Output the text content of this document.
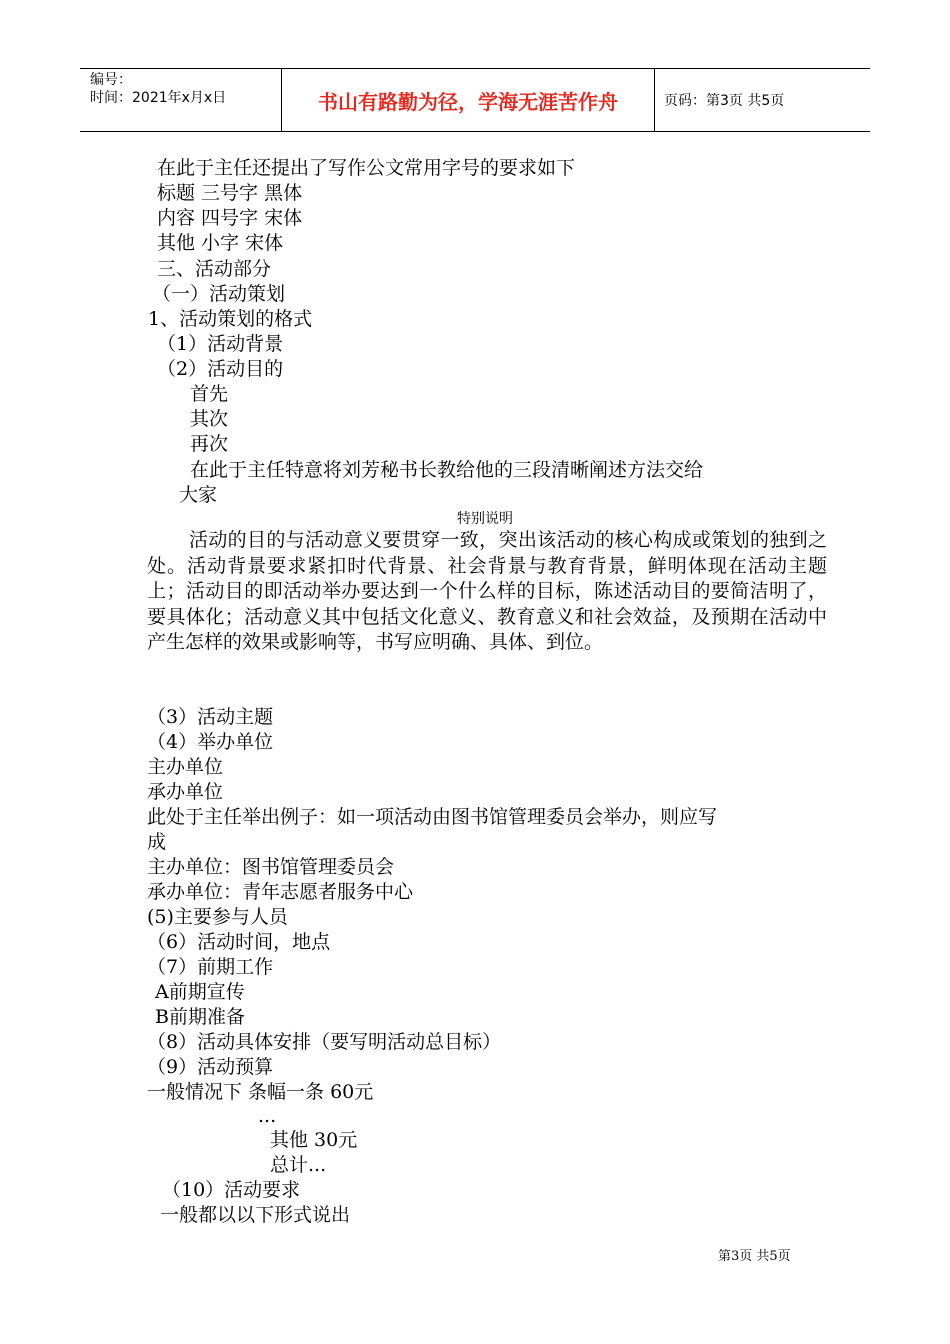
编号：
时间：2021年x月x日	书山有路勤为径，学海无涯苦作舟	页码：第3页 共5页
在此于主任还提出了写作公文常用字号的要求如下
标题 三号字 黑体
内容 四号字 宋体
其他 小字 宋体
三、活动部分
（一）活动策划
1、活动策划的格式
（1）活动背景
（2）活动目的
首先
其次
再次
在此于主任特意将刘芳秘书长教给他的三段清晰阐述方法交给
大家
特别说明
活动的目的与活动意义要贯穿一致，突出该活动的核心构成或策划的独到之处。活动背景要求紧扣时代背景、社会背景与教育背景，鲜明体现在活动主题上；活动目的即活动举办要达到一个什么样的目标，陈述活动目的要简洁明了，要具体化；活动意义其中包括文化意义、教育意义和社会效益，及预期在活动中产生怎样的效果或影响等，书写应明确、具体、到位。
（3）活动主题
（4）举办单位
主办单位
承办单位
此处于主任举出例子：如一项活动由图书馆管理委员会举办，则应写
成
主办单位：图书馆管理委员会
承办单位：青年志愿者服务中心
(5)主要参与人员
（6）活动时间，地点
（7）前期工作
A前期宣传
B前期准备
（8）活动具体安排（要写明活动总目标）
（9）活动预算
一般情况下 条幅一条 60元
...
其他 30元
总计...
（10）活动要求
一般都以以下形式说出
第3页 共5页
